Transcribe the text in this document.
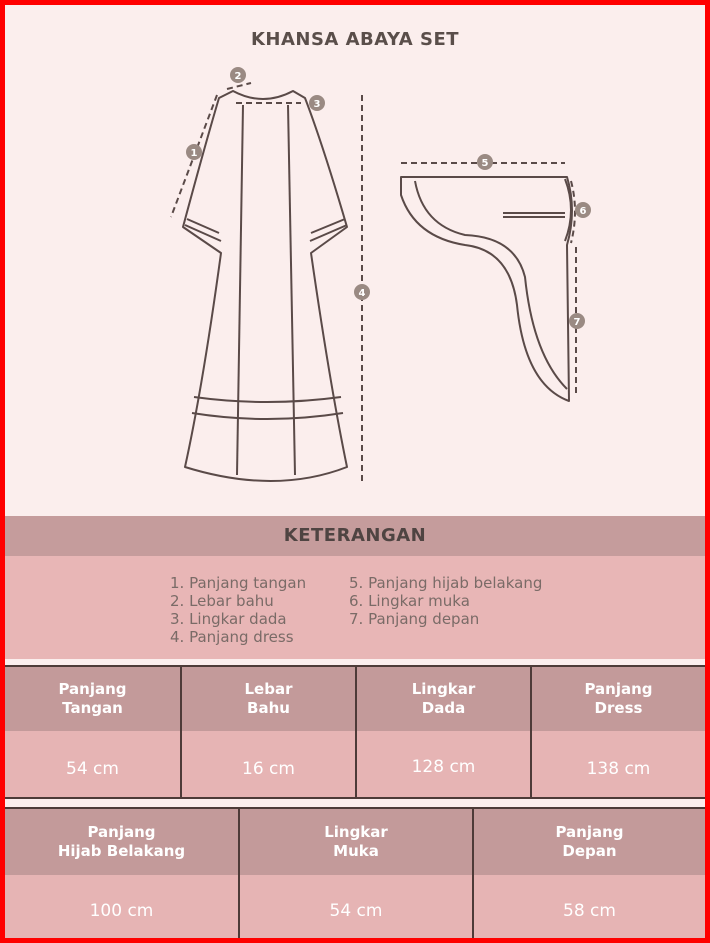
KHANSA ABAYA SET
1
2
3
4
5
6
7
KETERANGAN
1. Panjang tangan
2. Lebar bahu
3. Lingkar dada
4. Panjang dress
5. Panjang hijab belakang
6. Lingkar muka
7. Panjang depan
Panjang
Tangan
54 cm
Lebar
Bahu
16 cm
Lingkar
Dada
128 cm
Panjang
Dress
138 cm
Panjang
Hijab Belakang
100 cm
Lingkar
Muka
54 cm
Panjang
Depan
58 cm
